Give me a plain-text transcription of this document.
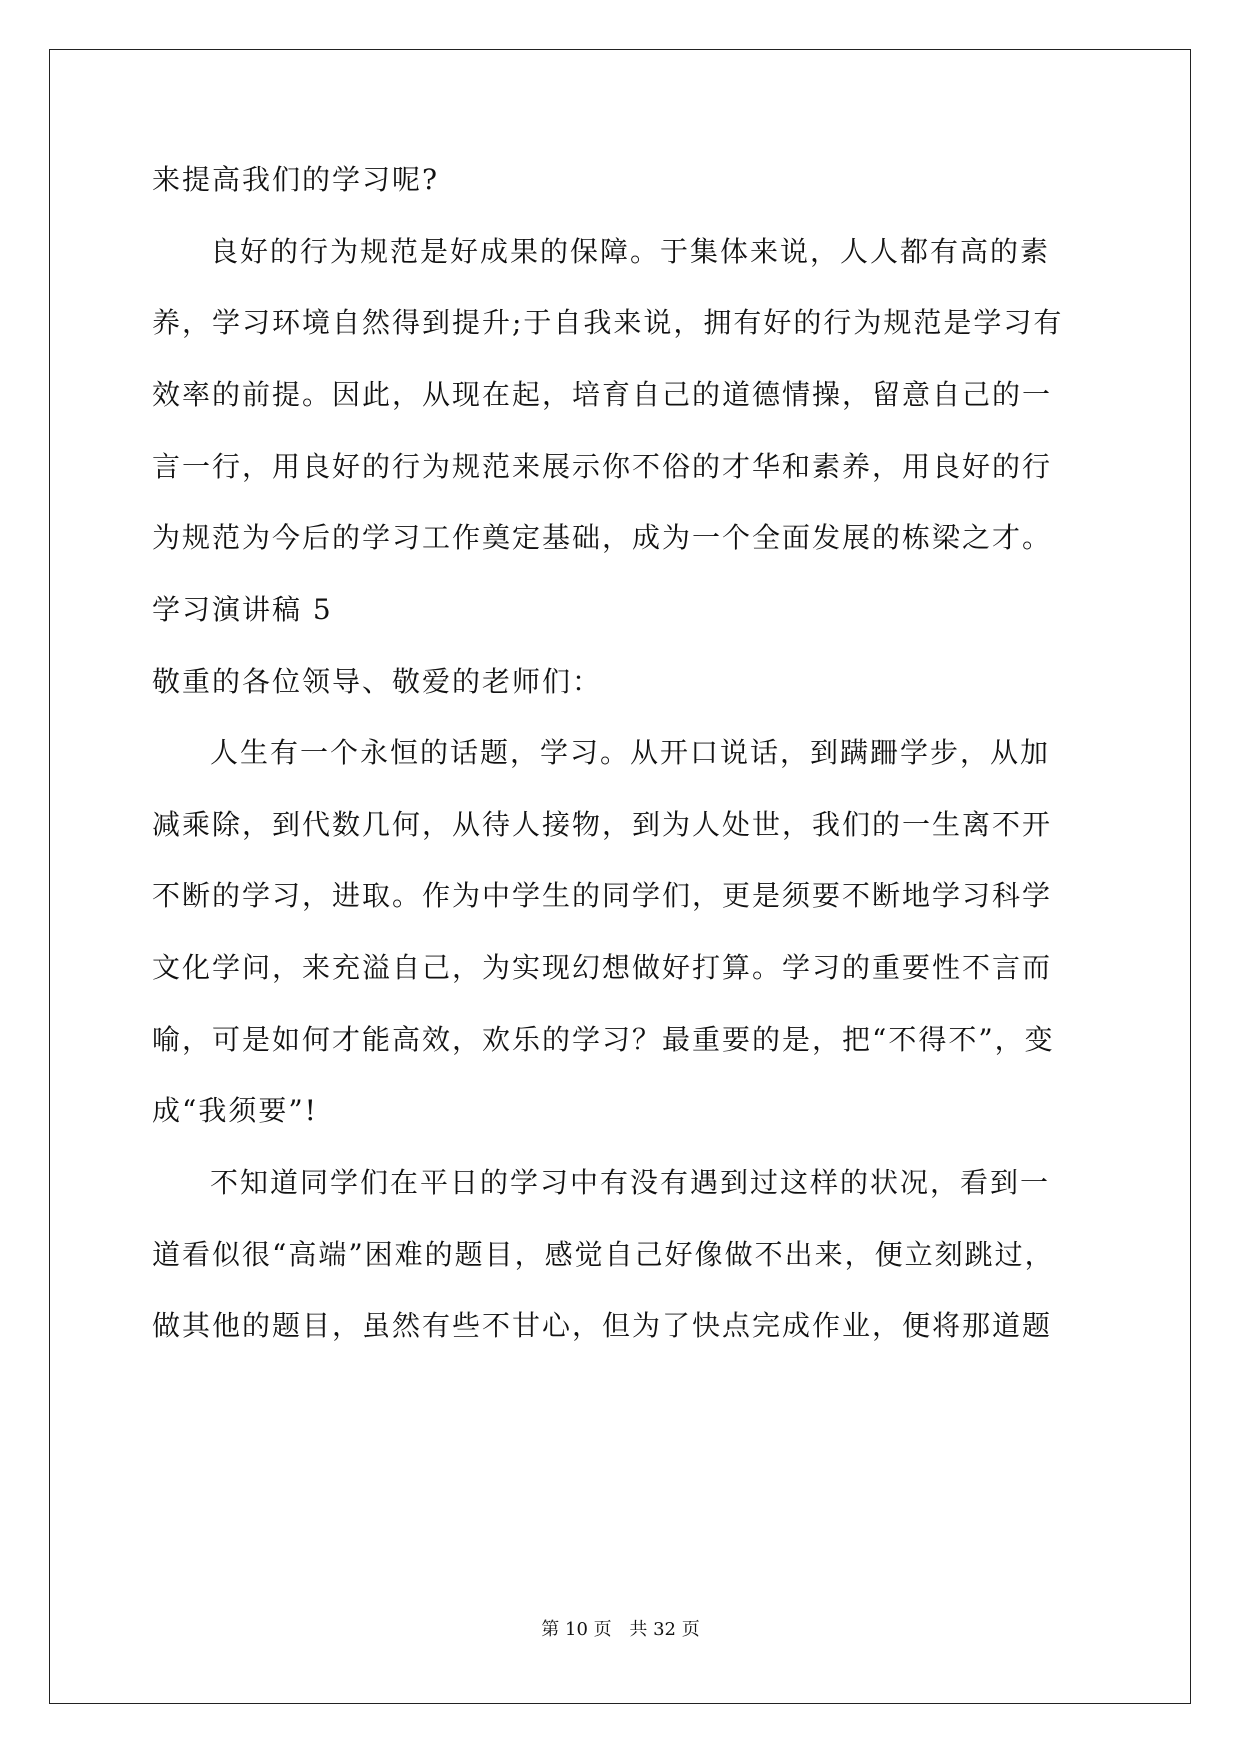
来提高我们的学习呢?
良好的行为规范是好成果的保障。于集体来说，人人都有高的素
养，学习环境自然得到提升;于自我来说，拥有好的行为规范是学习有
效率的前提。因此，从现在起，培育自己的道德情操，留意自己的一
言一行，用良好的行为规范来展示你不俗的才华和素养，用良好的行
为规范为今后的学习工作奠定基础，成为一个全面发展的栋梁之才。
学习演讲稿 5
敬重的各位领导、敬爱的老师们：
人生有一个永恒的话题，学习。从开口说话，到蹒跚学步，从加
减乘除，到代数几何，从待人接物，到为人处世，我们的一生离不开
不断的学习，进取。作为中学生的同学们，更是须要不断地学习科学
文化学问，来充溢自己，为实现幻想做好打算。学习的重要性不言而
喻，可是如何才能高效，欢乐的学习？最重要的是，把“不得不”，变
成“我须要”!
不知道同学们在平日的学习中有没有遇到过这样的状况，看到一
道看似很“高端”困难的题目，感觉自己好像做不出来，便立刻跳过，
做其他的题目，虽然有些不甘心，但为了快点完成作业，便将那道题
第 10 页 共 32 页
